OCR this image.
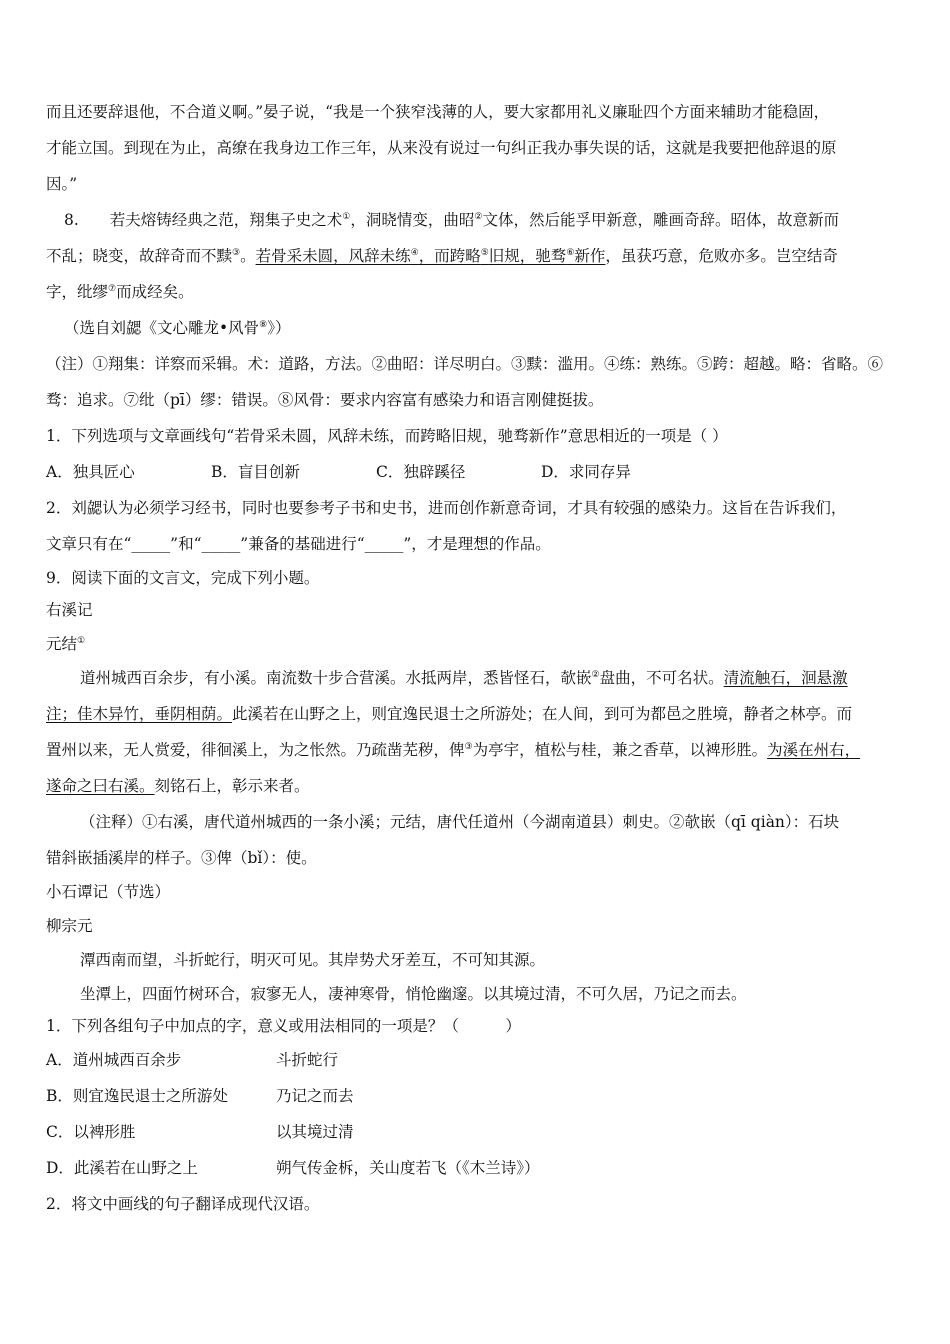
而且还要辞退他，不合道义啊。”晏子说，“我是一个狭窄浅薄的人，要大家都用礼义廉耻四个方面来辅助才能稳固，
才能立国。到现在为止，高缭在我身边工作三年，从来没有说过一句纠正我办事失误的话，这就是我要把他辞退的原
因。”
8.　　若夫熔铸经典之范，翔集子史之术①，洞晓情变，曲昭②文体，然后能孚甲新意，雕画奇辞。昭体，故意新而
不乱；晓变，故辞奇而不黩③。若骨采未圆，风辞未练④，而跨略⑤旧规，驰骛⑥新作，虽获巧意，危败亦多。岂空结奇
字，纰缪⑦而成经矣。
（选自刘勰《文心雕龙•风骨⑧》）
（注）①翔集：详察而采辑。术：道路，方法。②曲昭：详尽明白。③黩：滥用。④练：熟练。⑤跨：超越。略：省略。⑥
骛：追求。⑦纰（pī）缪：错误。⑧风骨：要求内容富有感染力和语言刚健挺拔。
1．下列选项与文章画线句“若骨采未圆，风辞未练，而跨略旧规，驰骛新作”意思相近的一项是（ ）
A．独具匠心	B．盲目创新	C．独辟蹊径	D．求同存异
2．刘勰认为必须学习经书，同时也要参考子书和史书，进而创作新意奇词，才具有较强的感染力。这旨在告诉我们，
文章只有在“_____”和“_____”兼备的基础进行“_____”，才是理想的作品。
9．阅读下面的文言文，完成下列小题。
右溪记
元结①
道州城西百余步，有小溪。南流数十步合营溪。水抵两岸，悉皆怪石，欹嵌②盘曲，不可名状。清流触石，洄悬激
注；佳木异竹，垂阴相荫。此溪若在山野之上，则宜逸民退士之所游处；在人间，到可为都邑之胜境，静者之林亭。而
置州以来，无人赏爱，徘徊溪上，为之怅然。乃疏凿芜秽，俾③为亭宇，植松与桂，兼之香草，以裨形胜。为溪在州右，
遂命之曰右溪。刻铭石上，彰示来者。
（注释）①右溪，唐代道州城西的一条小溪；元结，唐代任道州（今湖南道县）刺史。②欹嵌（qī qiàn）：石块
错斜嵌插溪岸的样子。③俾（bǐ）：使。
小石谭记（节选）
柳宗元
潭西南而望，斗折蛇行，明灭可见。其岸势犬牙差互，不可知其源。
坐潭上，四面竹树环合，寂寥无人，凄神寒骨，悄怆幽邃。以其境过清，不可久居，乃记之而去。
1．下列各组句子中加点的字，意义或用法相同的一项是？（　　　）
A．道州城西百余步	斗折蛇行
B．则宜逸民退士之所游处	乃记之而去
C．以裨形胜	以其境过清
D．此溪若在山野之上	朔气传金柝，关山度若飞（《木兰诗》）
2．将文中画线的句子翻译成现代汉语。
